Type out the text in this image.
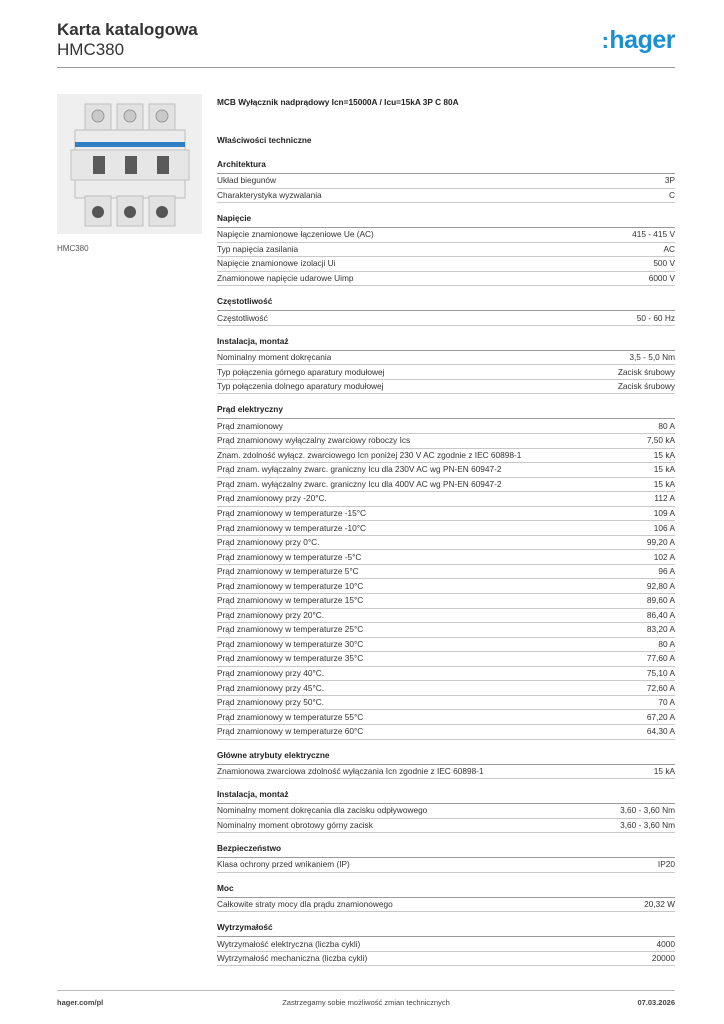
Karta katalogowa
HMC380	:hager
HMC380
MCB Wyłącznik nadprądowy Icn=15000A / Icu=15kA 3P C 80A
Właściwości techniczne
Architektura
Układ biegunów	3P
Charakterystyka wyzwalania	C
Napięcie
Napięcie znamionowe łączeniowe Ue (AC)	415 - 415 V
Typ napięcia zasilania	AC
Napięcie znamionowe izolacji Ui	500 V
Znamionowe napięcie udarowe Uimp	6000 V
Częstotliwość
Częstotliwość	50 - 60 Hz
Instalacja, montaż
Nominalny moment dokręcania	3,5 - 5,0 Nm
Typ połączenia górnego aparatury modułowej	Zacisk śrubowy
Typ połączenia dolnego aparatury modułowej	Zacisk śrubowy
Prąd elektryczny
Prąd znamionowy	80 A
Prąd znamionowy wyłączalny zwarciowy roboczy Ics	7,50 kA
Znam. zdolność wyłącz. zwarciowego Icn poniżej 230 V AC zgodnie z IEC 60898-1	15 kA
Prąd znam. wyłączalny zwarc. graniczny Icu dla 230V AC wg PN-EN 60947-2	15 kA
Prąd znam. wyłączalny zwarc. graniczny Icu dla 400V AC wg PN-EN 60947-2	15 kA
Prąd znamionowy przy -20°C.	112 A
Prąd znamionowy w temperaturze -15°C	109 A
Prąd znamionowy w temperaturze -10°C	106 A
Prąd znamionowy przy 0°C.	99,20 A
Prąd znamionowy w temperaturze -5°C	102 A
Prąd znamionowy w temperaturze 5°C	96 A
Prąd znamionowy w temperaturze 10°C	92,80 A
Prąd znamionowy w temperaturze 15°C	89,60 A
Prąd znamionowy przy 20°C.	86,40 A
Prąd znamionowy w temperaturze 25°C	83,20 A
Prąd znamionowy w temperaturze 30°C	80 A
Prąd znamionowy w temperaturze 35°C	77,60 A
Prąd znamionowy przy 40°C.	75,10 A
Prąd znamionowy przy 45°C.	72,60 A
Prąd znamionowy przy 50°C.	70 A
Prąd znamionowy w temperaturze 55°C	67,20 A
Prąd znamionowy w temperaturze 60°C	64,30 A
Główne atrybuty elektryczne
Znamionowa zwarciowa zdolność wyłączania Icn zgodnie z IEC 60898-1	15 kA
Instalacja, montaż
Nominalny moment dokręcania dla zacisku odpływowego	3,60 - 3,60 Nm
Nominalny moment obrotowy górny zacisk	3,60 - 3,60 Nm
Bezpieczeństwo
Klasa ochrony przed wnikaniem (IP)	IP20
Moc
Całkowite straty mocy dla prądu znamionowego	20,32 W
Wytrzymałość
Wytrzymałość elektryczna (liczba cykli)	4000
Wytrzymałość mechaniczna (liczba cykli)	20000
hager.com/pl	Zastrzegamy sobie możliwość zmian technicznych	07.03.2026
